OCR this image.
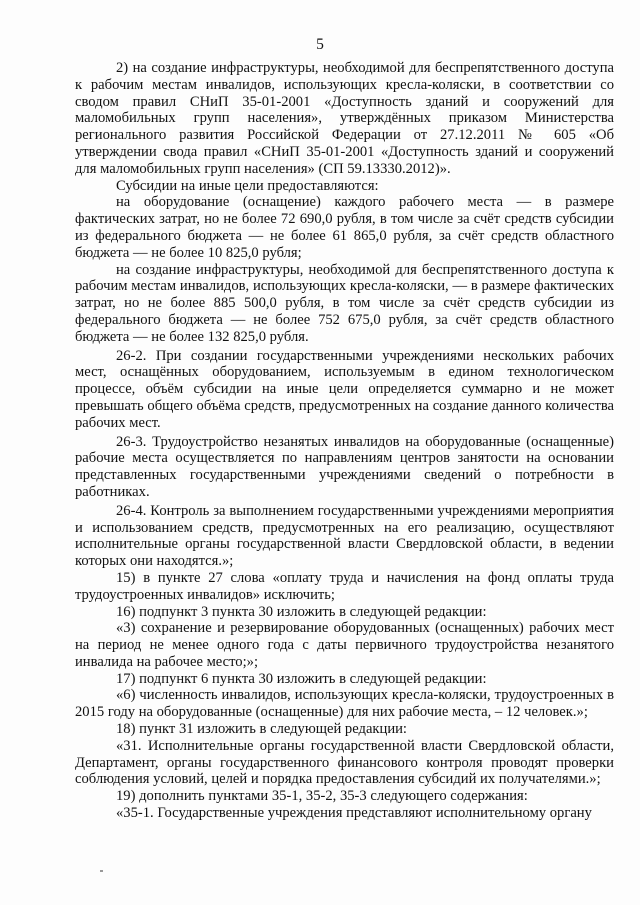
5

2) на создание инфраструктуры, необходимой для беспрепятственного доступа к рабочим местам инвалидов, использующих кресла-коляски, в соответствии со сводом правил СНиП 35-01-2001 «Доступность зданий и сооружений для маломобильных групп населения», утверждённых приказом Министерства регионального развития Российской Федерации от 27.12.2011 № 605 «Об утверждении свода правил «СНиП 35-01-2001 «Доступность зданий и сооружений для маломобильных групп населения» (СП 59.13330.2012)».

Субсидии на иные цели предоставляются:

на оборудование (оснащение) каждого рабочего места — в размере фактических затрат, но не более 72 690,0 рубля, в том числе за счёт средств субсидии из федерального бюджета — не более 61 865,0 рубля, за счёт средств областного бюджета — не более 10 825,0 рубля;

на создание инфраструктуры, необходимой для беспрепятственного доступа к рабочим местам инвалидов, использующих кресла-коляски, — в размере фактических затрат, но не более 885 500,0 рубля, в том числе за счёт средств субсидии из федерального бюджета — не более 752 675,0 рубля, за счёт средств областного бюджета — не более 132 825,0 рубля.

26-2. При создании государственными учреждениями нескольких рабочих мест, оснащённых оборудованием, используемым в едином технологическом процессе, объём субсидии на иные цели определяется суммарно и не может превышать общего объёма средств, предусмотренных на создание данного количества рабочих мест.

26-3. Трудоустройство незанятых инвалидов на оборудованные (оснащенные) рабочие места осуществляется по направлениям центров занятости на основании представленных государственными учреждениями сведений о потребности в работниках.

26-4. Контроль за выполнением государственными учреждениями мероприятия и использованием средств, предусмотренных на его реализацию, осуществляют исполнительные органы государственной власти Свердловской области, в ведении которых они находятся.»;

15) в пункте 27 слова «оплату труда и начисления на фонд оплаты труда трудоустроенных инвалидов» исключить;

16) подпункт 3 пункта 30 изложить в следующей редакции:

«3) сохранение и резервирование оборудованных (оснащенных) рабочих мест на период не менее одного года с даты первичного трудоустройства незанятого инвалида на рабочее место;»;

17) подпункт 6 пункта 30 изложить в следующей редакции:

«6) численность инвалидов, использующих кресла-коляски, трудоустроенных в 2015 году на оборудованные (оснащенные) для них рабочие места, – 12 человек.»;

18) пункт 31 изложить в следующей редакции:

«31. Исполнительные органы государственной власти Свердловской области, Департамент, органы государственного финансового контроля проводят проверки соблюдения условий, целей и порядка предоставления субсидий их получателями.»;

19) дополнить пунктами 35-1, 35-2, 35-3 следующего содержания:

«35-1. Государственные учреждения представляют исполнительному органу
